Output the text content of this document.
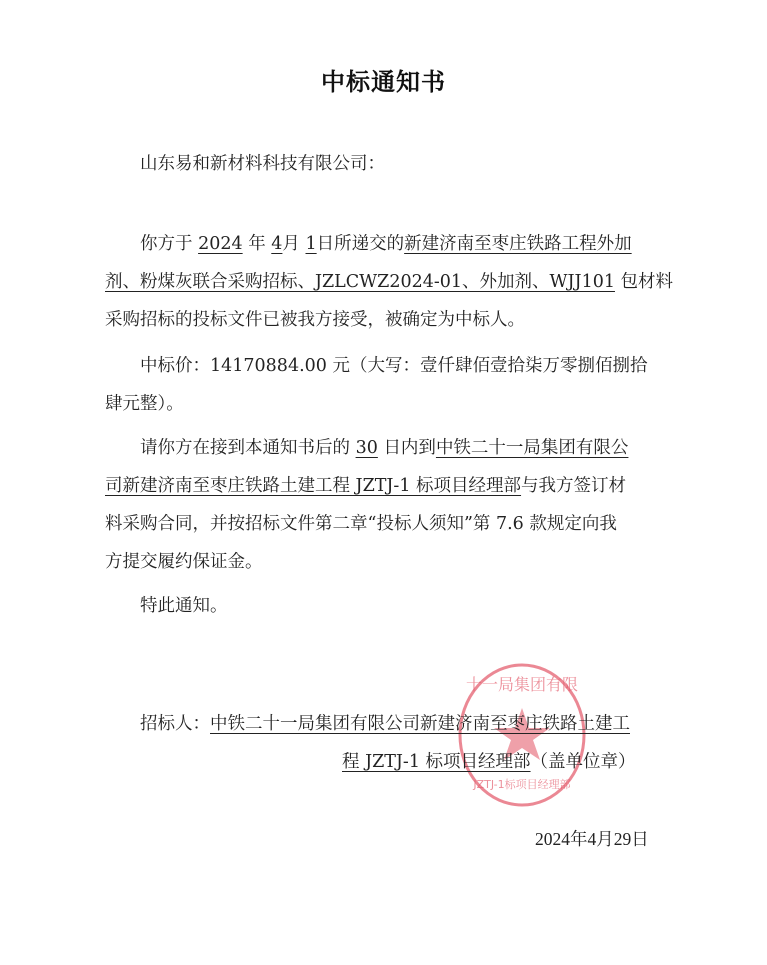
中标通知书
山东易和新材料科技有限公司：
你方于 2024 年 4月 1日所递交的新建济南至枣庄铁路工程外加
剂、粉煤灰联合采购招标、JZLCWZ2024-01、外加剂、WJJ101 包材料
采购招标的投标文件已被我方接受，被确定为中标人。
中标价：14170884.00 元（大写：壹仟肆佰壹拾柒万零捌佰捌拾
肆元整）。
请你方在接到本通知书后的 30 日内到中铁二十一局集团有限公
司新建济南至枣庄铁路土建工程 JZTJ-1 标项目经理部与我方签订材
料采购合同，并按招标文件第二章“投标人须知”第 7.6 款规定向我
方提交履约保证金。
特此通知。
十一局集团有限
JZTJ-1标项目经理部
招标人：中铁二十一局集团有限公司新建济南至枣庄铁路土建工
程 JZTJ-1 标项目经理部（盖单位章）
2024年4月29日
